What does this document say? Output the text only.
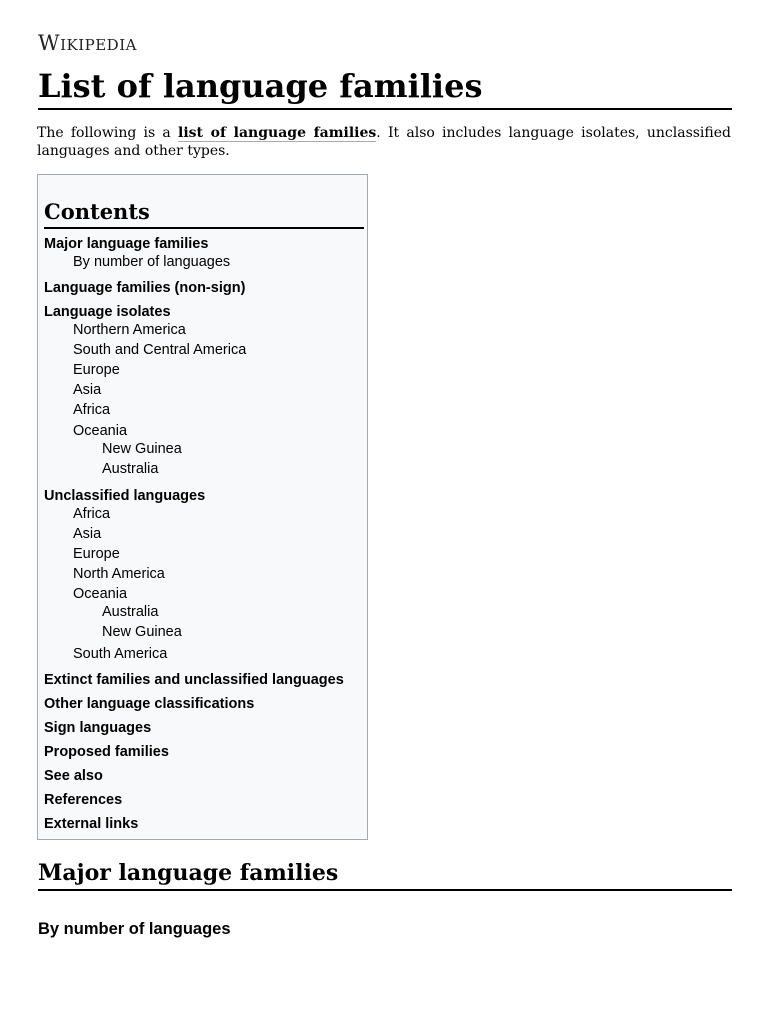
Wikipedia
List of language families

The following is a list of language families. It also includes language isolates, unclassified languages and other types.

Contents
Major language families
By number of languages
Language families (non-sign)
Language isolates
Northern America
South and Central America
Europe
Asia
Africa
Oceania
New Guinea
Australia
Unclassified languages
Africa
Asia
Europe
North America
Oceania
Australia
New Guinea
South America
Extinct families and unclassified languages
Other language classifications
Sign languages
Proposed families
See also
References
External links
Major language families
By number of languages
